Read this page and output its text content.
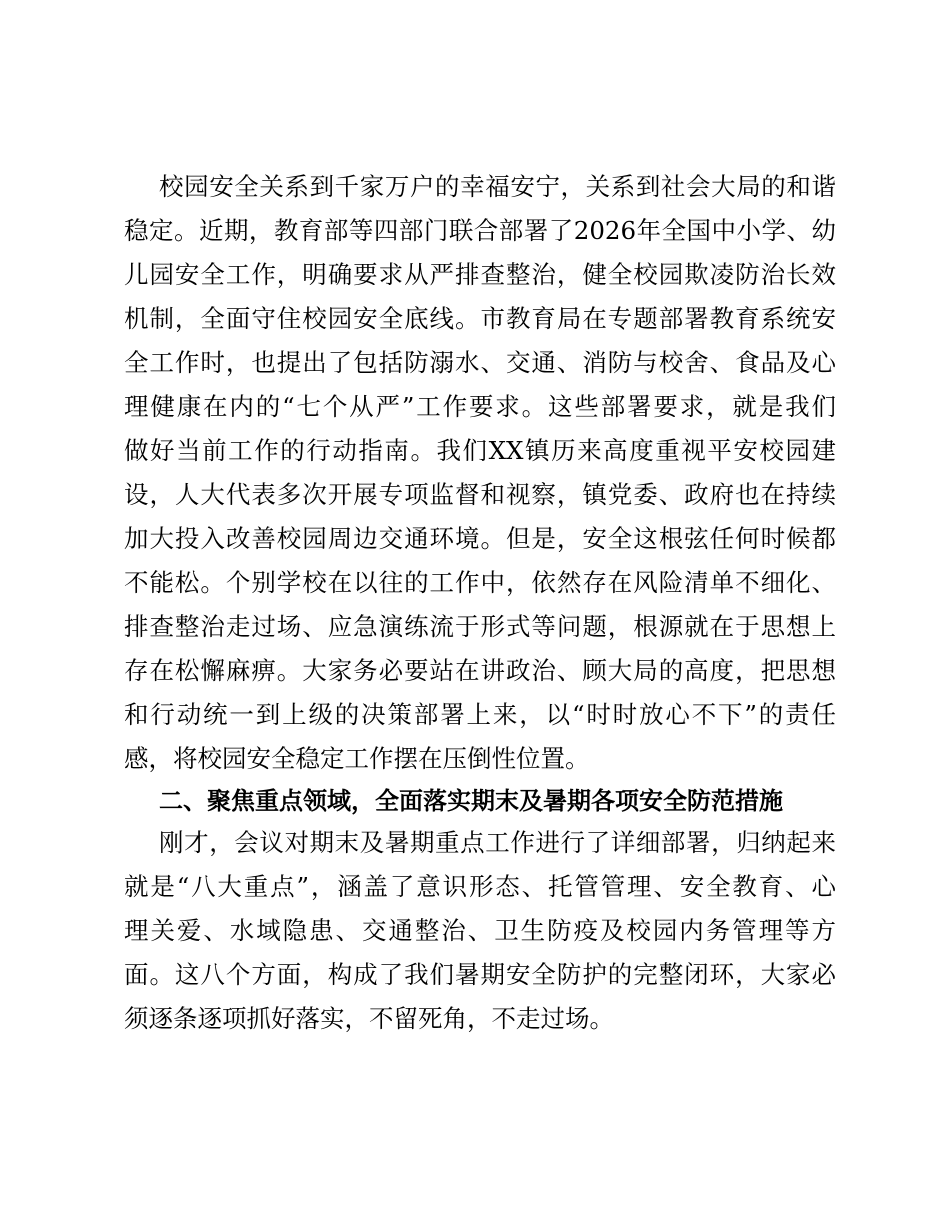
校园安全关系到千家万户的幸福安宁，关系到社会大局的和谐
稳定。近期，教育部等四部门联合部署了2026年全国中小学、幼
儿园安全工作，明确要求从严排查整治，健全校园欺凌防治长效
机制，全面守住校园安全底线。市教育局在专题部署教育系统安
全工作时，也提出了包括防溺水、交通、消防与校舍、食品及心
理健康在内的“七个从严”工作要求。这些部署要求，就是我们
做好当前工作的行动指南。我们XX镇历来高度重视平安校园建
设，人大代表多次开展专项监督和视察，镇党委、政府也在持续
加大投入改善校园周边交通环境。但是，安全这根弦任何时候都
不能松。个别学校在以往的工作中，依然存在风险清单不细化、
排查整治走过场、应急演练流于形式等问题，根源就在于思想上
存在松懈麻痹。大家务必要站在讲政治、顾大局的高度，把思想
和行动统一到上级的决策部署上来，以“时时放心不下”的责任
感，将校园安全稳定工作摆在压倒性位置。
二、聚焦重点领域，全面落实期末及暑期各项安全防范措施
刚才，会议对期末及暑期重点工作进行了详细部署，归纳起来
就是“八大重点”，涵盖了意识形态、托管管理、安全教育、心
理关爱、水域隐患、交通整治、卫生防疫及校园内务管理等方
面。这八个方面，构成了我们暑期安全防护的完整闭环，大家必
须逐条逐项抓好落实，不留死角，不走过场。
